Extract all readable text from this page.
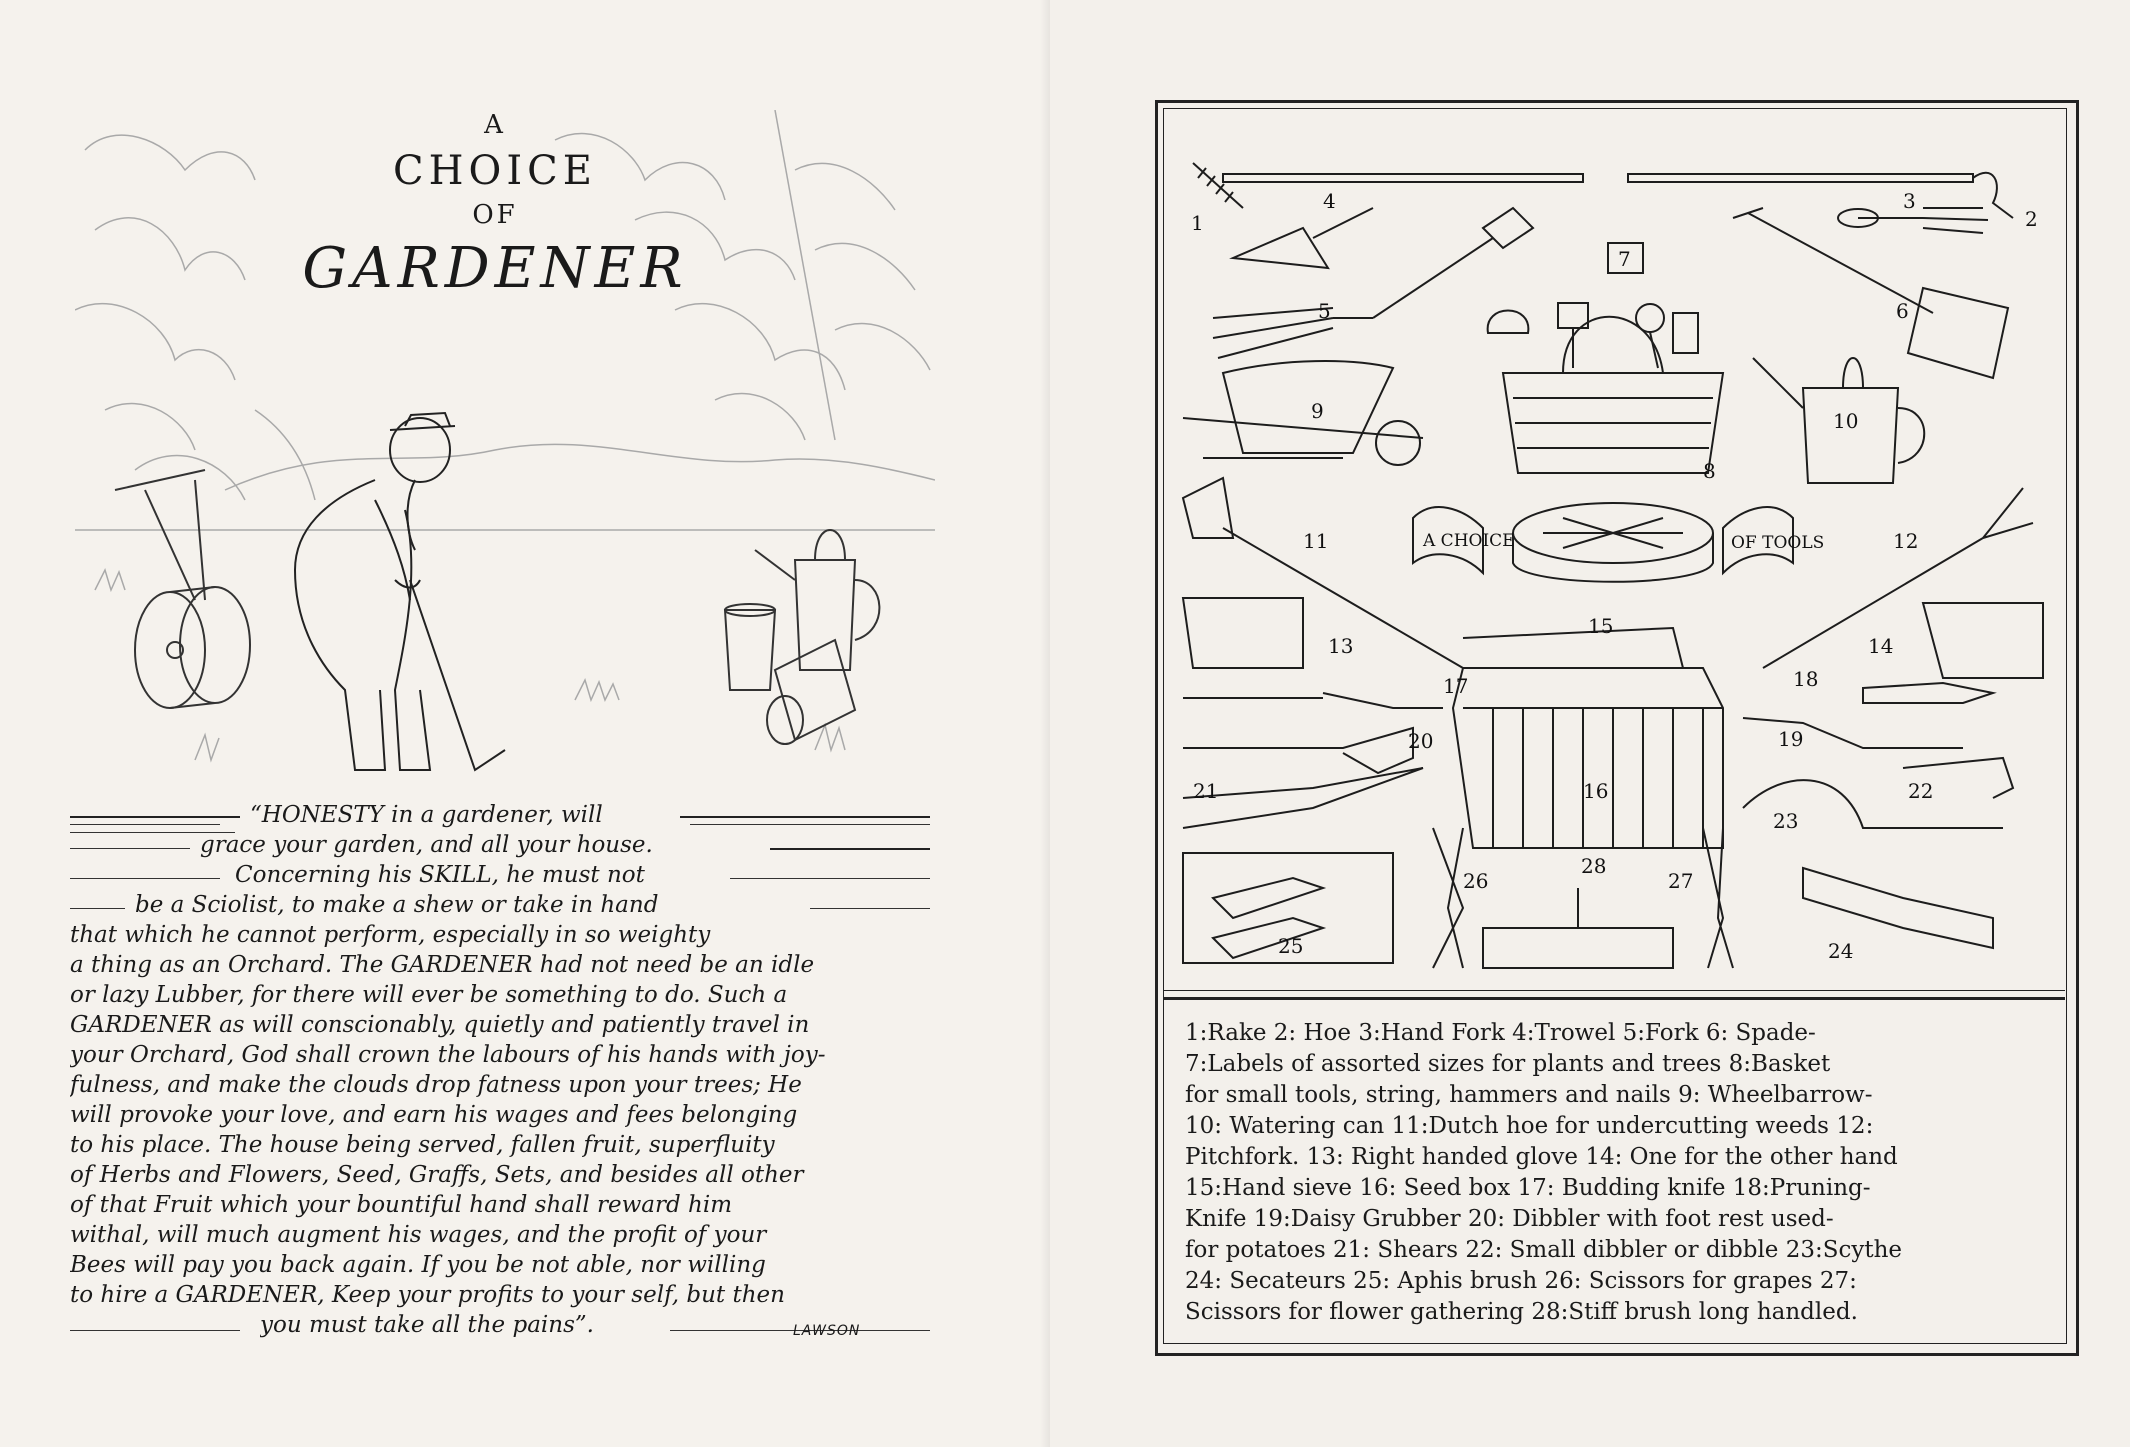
A
CHOICE
OF
GARDENER
“HONESTY in a gardener, will
grace your garden, and all your house.
Concerning his SKILL, he must not
be a Sciolist, to make a shew or take in hand
that which he cannot perform, especially in so weighty
a thing as an Orchard. The GARDENER had not need be an idle
or lazy Lubber, for there will ever be something to do. Such a
GARDENER as will conscionably, quietly and patiently travel in
your Orchard, God shall crown the labours of his hands with joy-
fulness, and make the clouds drop fatness upon your trees; He
will provoke your love, and earn his wages and fees belonging
to his place. The house being served, fallen fruit, superfluity
of Herbs and Flowers, Seed, Graffs, Sets, and besides all other
of that Fruit which your bountiful hand shall reward him
withal, will much augment his wages, and the profit of your
Bees will pay you back again. If you be not able, nor willing
to hire a GARDENER, Keep your profits to your self, but then
you must take all the pains”.	LAWSON
A CHOICE	OF TOOLS
1	2
3
4
5	6
7
8
9	10
11	12
13	14
15
16
17	18
19
20
21	22
23
24
25
26	27
28
1:Rake 2: Hoe 3:Hand Fork 4:Trowel 5:Fork 6: Spade-
7:Labels of assorted sizes for plants and trees 8:Basket
for small tools, string, hammers and nails 9: Wheelbarrow-
10: Watering can 11:Dutch hoe for undercutting weeds 12:
Pitchfork. 13: Right handed glove 14: One for the other hand
15:Hand sieve 16: Seed box 17: Budding knife 18:Pruning-
Knife 19:Daisy Grubber 20: Dibbler with foot rest used-
for potatoes 21: Shears 22: Small dibbler or dibble 23:Scythe
24: Secateurs 25: Aphis brush 26: Scissors for grapes 27:
Scissors for flower gathering 28:Stiff brush long handled.
